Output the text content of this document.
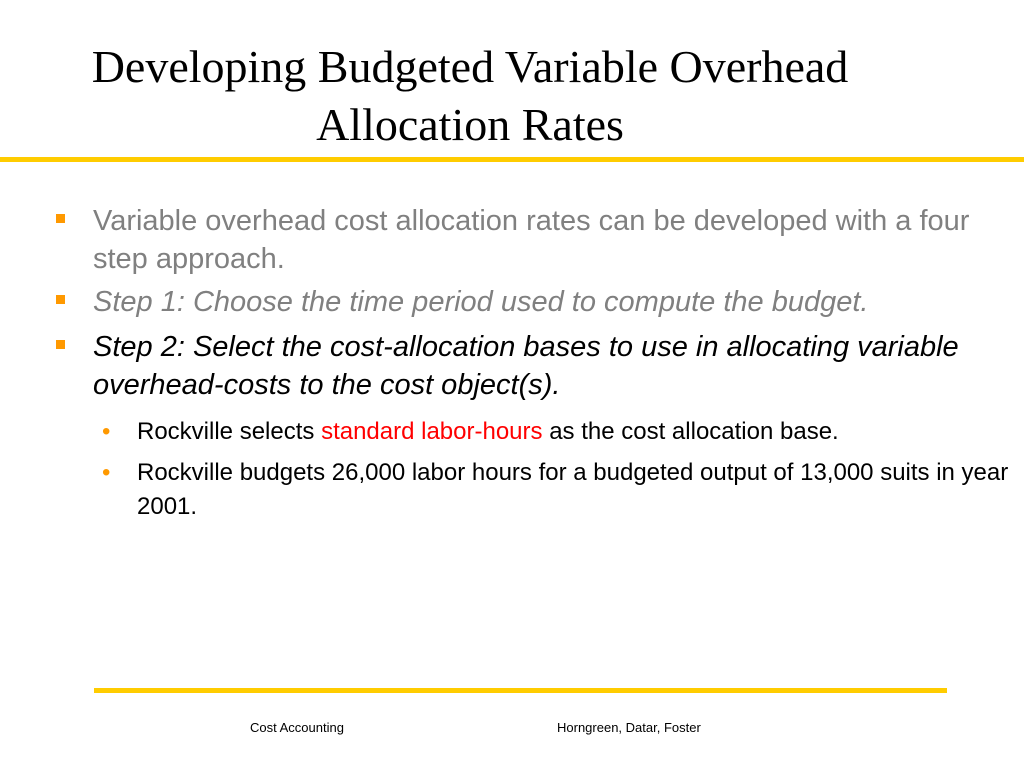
Developing Budgeted Variable Overhead
Allocation Rates
Variable overhead cost allocation rates can be developed with a four step approach.
Step 1: Choose the time period used to compute the budget.
Step 2: Select the cost-allocation bases to use in allocating variable overhead-costs to the cost object(s).
• Rockville selects standard labor-hours as the cost allocation base.
• Rockville budgets 26,000 labor hours for a budgeted output of 13,000 suits in year 2001.
Cost Accounting	Horngreen, Datar, Foster
